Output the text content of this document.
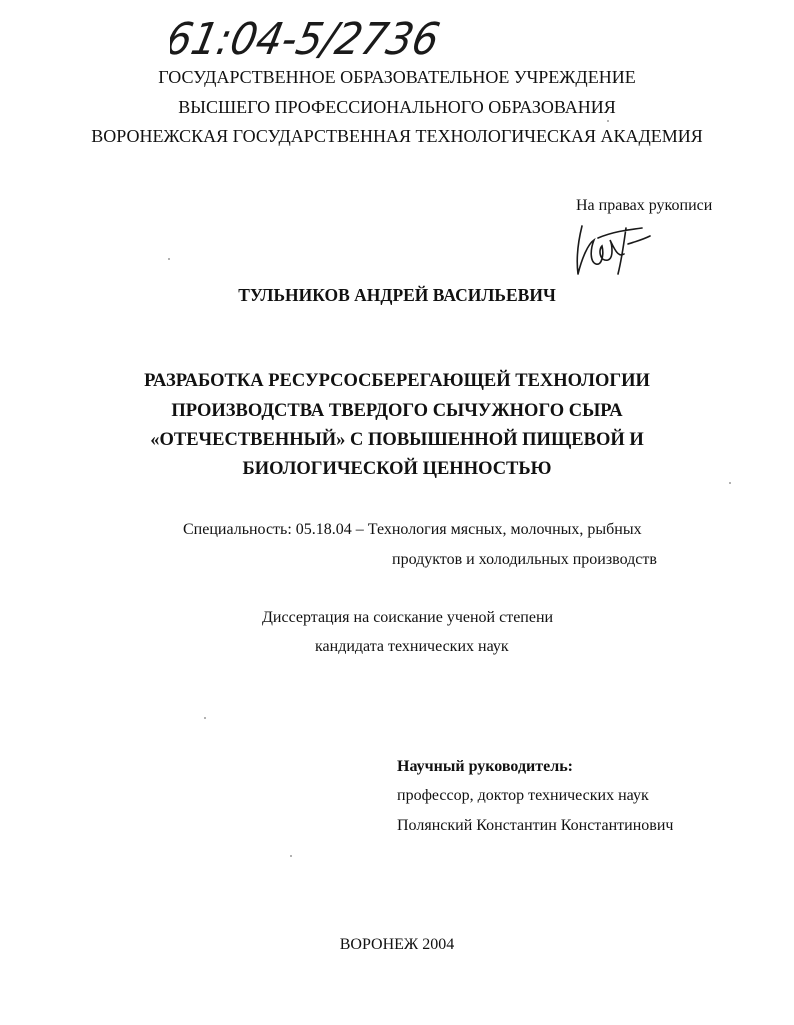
61:04-5/2736
ГОСУДАРСТВЕННОЕ ОБРАЗОВАТЕЛЬНОЕ УЧРЕЖДЕНИЕ
ВЫСШЕГО ПРОФЕССИОНАЛЬНОГО ОБРАЗОВАНИЯ
ВОРОНЕЖСКАЯ ГОСУДАРСТВЕННАЯ ТЕХНОЛОГИЧЕСКАЯ АКАДЕМИЯ
На правах рукописи
ТУЛЬНИКОВ АНДРЕЙ ВАСИЛЬЕВИЧ
РАЗРАБОТКА РЕСУРСОСБЕРЕГАЮЩЕЙ ТЕХНОЛОГИИ
ПРОИЗВОДСТВА ТВЕРДОГО СЫЧУЖНОГО СЫРА
«ОТЕЧЕСТВЕННЫЙ» С ПОВЫШЕННОЙ ПИЩЕВОЙ И
БИОЛОГИЧЕСКОЙ ЦЕННОСТЬЮ
Специальность: 05.18.04 – Технология мясных, молочных, рыбных
продуктов и холодильных производств
Диссертация на соискание ученой степени
кандидата технических наук
Научный руководитель:
профессор, доктор технических наук
Полянский Константин Константинович
ВОРОНЕЖ 2004
